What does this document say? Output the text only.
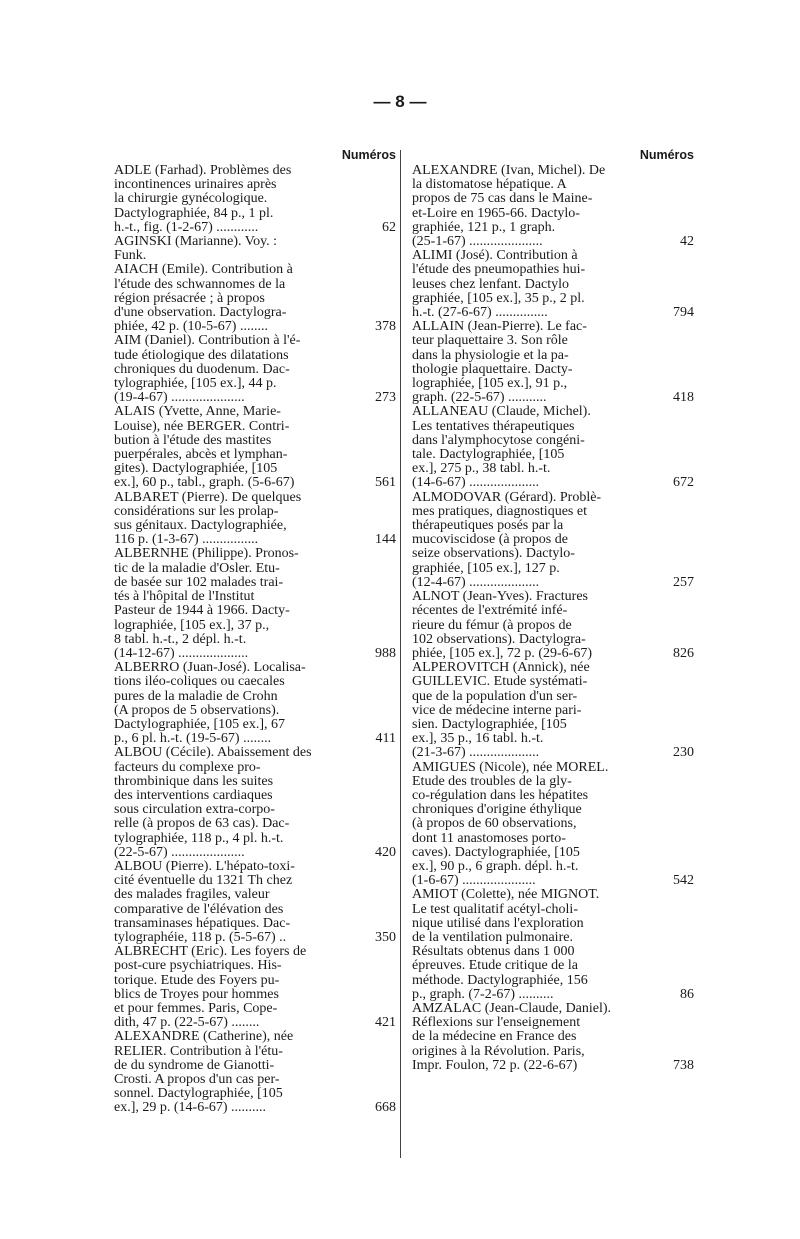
— 8 —
Numéros
ADLE (Farhad). Problèmes des
incontinences urinaires après
la chirurgie gynécologique.
Dactylographiée, 84 p., 1 pl.
h.-t., fig. (1-2-67) ............	62
AGINSKI (Marianne). Voy. :
Funk.
AIACH (Emile). Contribution à
l'étude des schwannomes de la
région présacrée ; à propos
d'une observation. Dactylogra-
phiée, 42 p. (10-5-67) ........	378
AIM (Daniel). Contribution à l'é-
tude étiologique des dilatations
chroniques du duodenum. Dac-
tylographiée, [105 ex.], 44 p.
(19-4-67) .....................	273
ALAIS (Yvette, Anne, Marie-
Louise), née BERGER. Contri-
bution à l'étude des mastites
puerpérales, abcès et lymphan-
gites). Dactylographiée, [105
ex.], 60 p., tabl., graph. (5-6-67)	561
ALBARET (Pierre). De quelques
considérations sur les prolap-
sus génitaux. Dactylographiée,
116 p. (1-3-67) ................	144
ALBERNHE (Philippe). Pronos-
tic de la maladie d'Osler. Etu-
de basée sur 102 malades trai-
tés à l'hôpital de l'Institut
Pasteur de 1944 à 1966. Dacty-
lographiée, [105 ex.], 37 p.,
8 tabl. h.-t., 2 dépl. h.-t.
(14-12-67) ....................	988
ALBERRO (Juan-José). Localisa-
tions iléo-coliques ou caecales
pures de la maladie de Crohn
(A propos de 5 observations).
Dactylographiée, [105 ex.], 67
p., 6 pl. h.-t. (19-5-67) ........	411
ALBOU (Cécile). Abaissement des
facteurs du complexe pro-
thrombinique dans les suites
des interventions cardiaques
sous circulation extra-corpo-
relle (à propos de 63 cas). Dac-
tylographiée, 118 p., 4 pl. h.-t.
(22-5-67) .....................	420
ALBOU (Pierre). L'hépato-toxi-
cité éventuelle du 1321 Th chez
des malades fragiles, valeur
comparative de l'élévation des
transaminases hépatiques. Dac-
tylographéie, 118 p. (5-5-67) ..	350
ALBRECHT (Eric). Les foyers de
post-cure psychiatriques. His-
torique. Etude des Foyers pu-
blics de Troyes pour hommes
et pour femmes. Paris, Cope-
dith, 47 p. (22-5-67) ........	421
ALEXANDRE (Catherine), née
RELIER. Contribution à l'étu-
de du syndrome de Gianotti-
Crosti. A propos d'un cas per-
sonnel. Dactylographiée, [105
ex.], 29 p. (14-6-67) ..........	668
Numéros
ALEXANDRE (Ivan, Michel). De
la distomatose hépatique. A
propos de 75 cas dans le Maine-
et-Loire en 1965-66. Dactylo-
graphiée, 121 p., 1 graph.
(25-1-67) .....................	42
ALIMI (José). Contribution à
l'étude des pneumopathies hui-
leuses chez lenfant. Dactylo
graphiée, [105 ex.], 35 p., 2 pl.
h.-t. (27-6-67) ...............	794
ALLAIN (Jean-Pierre). Le fac-
teur plaquettaire 3. Son rôle
dans la physiologie et la pa-
thologie plaquettaire. Dacty-
lographiée, [105 ex.], 91 p.,
graph. (22-5-67) ...........	418
ALLANEAU (Claude, Michel).
Les tentatives thérapeutiques
dans l'alymphocytose congéni-
tale. Dactylographiée, [105
ex.], 275 p., 38 tabl. h.-t.
(14-6-67) ....................	672
ALMODOVAR (Gérard). Problè-
mes pratiques, diagnostiques et
thérapeutiques posés par la
mucoviscidose (à propos de
seize observations). Dactylo-
graphiée, [105 ex.], 127 p.
(12-4-67) ....................	257
ALNOT (Jean-Yves). Fractures
récentes de l'extrémité infé-
rieure du fémur (à propos de
102 observations). Dactylogra-
phiée, [105 ex.], 72 p. (29-6-67)	826
ALPEROVITCH (Annick), née
GUILLEVIC. Etude systémati-
que de la population d'un ser-
vice de médecine interne pari-
sien. Dactylographiée, [105
ex.], 35 p., 16 tabl. h.-t.
(21-3-67) ....................	230
AMIGUES (Nicole), née MOREL.
Etude des troubles de la gly-
co-régulation dans les hépatites
chroniques d'origine éthylique
(à propos de 60 observations,
dont 11 anastomoses porto-
caves). Dactylographiée, [105
ex.], 90 p., 6 graph. dépl. h.-t.
(1-6-67) .....................	542
AMIOT (Colette), née MIGNOT.
Le test qualitatif acétyl-choli-
nique utilisé dans l'exploration
de la ventilation pulmonaire.
Résultats obtenus dans 1 000
épreuves. Etude critique de la
méthode. Dactylographiée, 156
p., graph. (7-2-67) ..........	86
AMZALAC (Jean-Claude, Daniel).
Réflexions sur l'enseignement
de la médecine en France des
origines à la Révolution. Paris,
Impr. Foulon, 72 p. (22-6-67)	738
